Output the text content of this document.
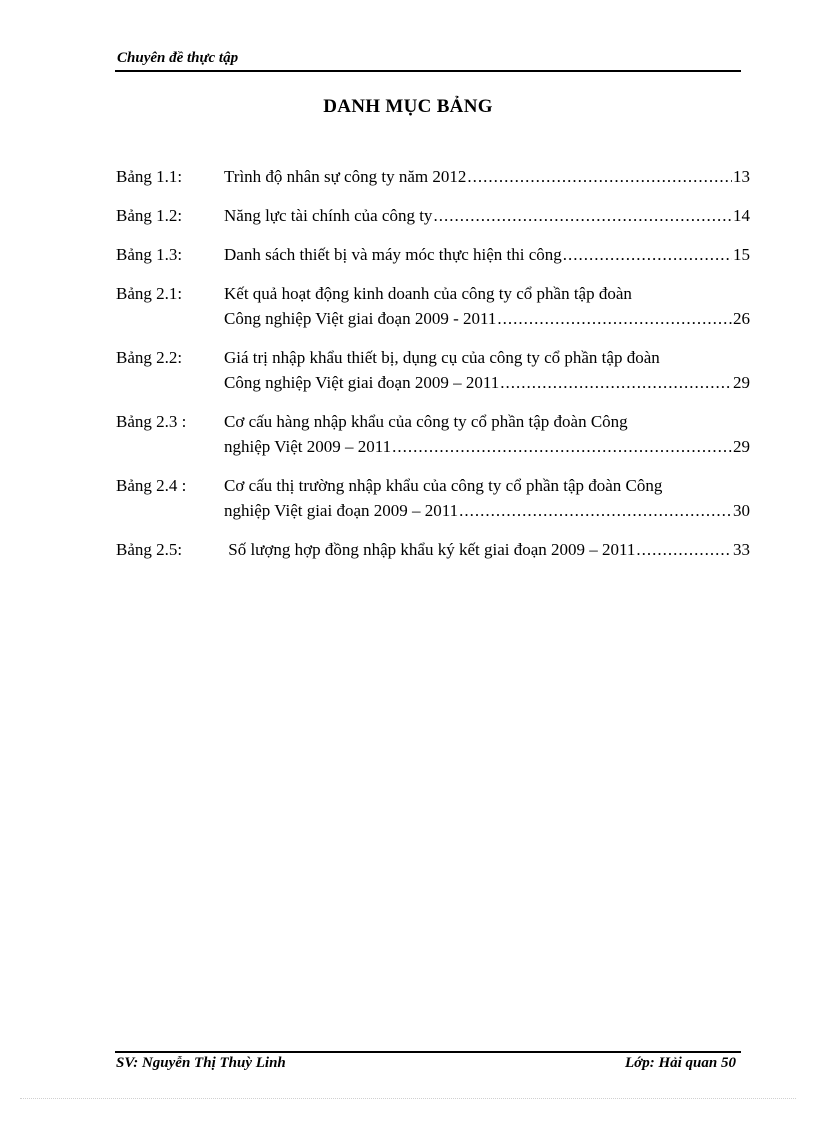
Chuyên đề thực tập
DANH MỤC BẢNG
Bảng 1.1: Trình độ nhân sự công ty năm 2012 .....	13
Bảng 1.2: Năng lực tài chính của công ty .....	14
Bảng 1.3: Danh sách thiết bị và máy móc thực hiện thi công .....	15
Bảng 2.1: Kết quả hoạt động kinh doanh của công ty cổ phần tập đoàn
Công nghiệp Việt giai đoạn 2009 - 2011 .....	26
Bảng 2.2: Giá trị nhập khẩu thiết bị, dụng cụ của công ty cổ phần tập đoàn
Công nghiệp Việt giai đoạn 2009 – 2011 .....	29
Bảng 2.3 : Cơ cấu hàng nhập khẩu của công ty cổ phần tập đoàn Công
nghiệp Việt 2009 – 2011 .....	29
Bảng 2.4 : Cơ cấu thị trường nhập khẩu của công ty cổ phần tập đoàn Công
nghiệp Việt giai đoạn 2009 – 2011 .....	30
Bảng 2.5: Số lượng hợp đồng nhập khẩu ký kết giai đoạn 2009 – 2011 .....	33
SV: Nguyễn Thị Thuỳ Linh	Lớp: Hải quan 50
